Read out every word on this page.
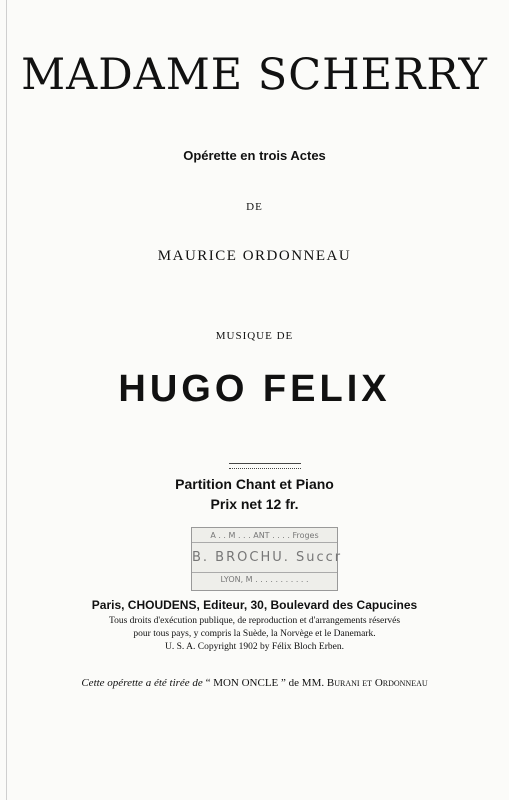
MADAME SCHERRY
Opérette en trois Actes
DE
MAURICE ORDONNEAU
MUSIQUE DE
HUGO FELIX
Partition Chant et Piano
Prix net 12 fr.
A . . M . . . ANT . . . . Froges
B. BROCHU. Succr
LYON, M . . . . . . . . . . .
Paris, CHOUDENS, Editeur, 30, Boulevard des Capucines
Tous droits d'exécution publique, de reproduction et d'arrangements réservés
pour tous pays, y compris la Suède, la Norvège et le Danemark.
U. S. A. Copyright 1902 by Félix Bloch Erben.
Cette opérette a été tirée de “ MON ONCLE ” de MM. Burani et Ordonneau
